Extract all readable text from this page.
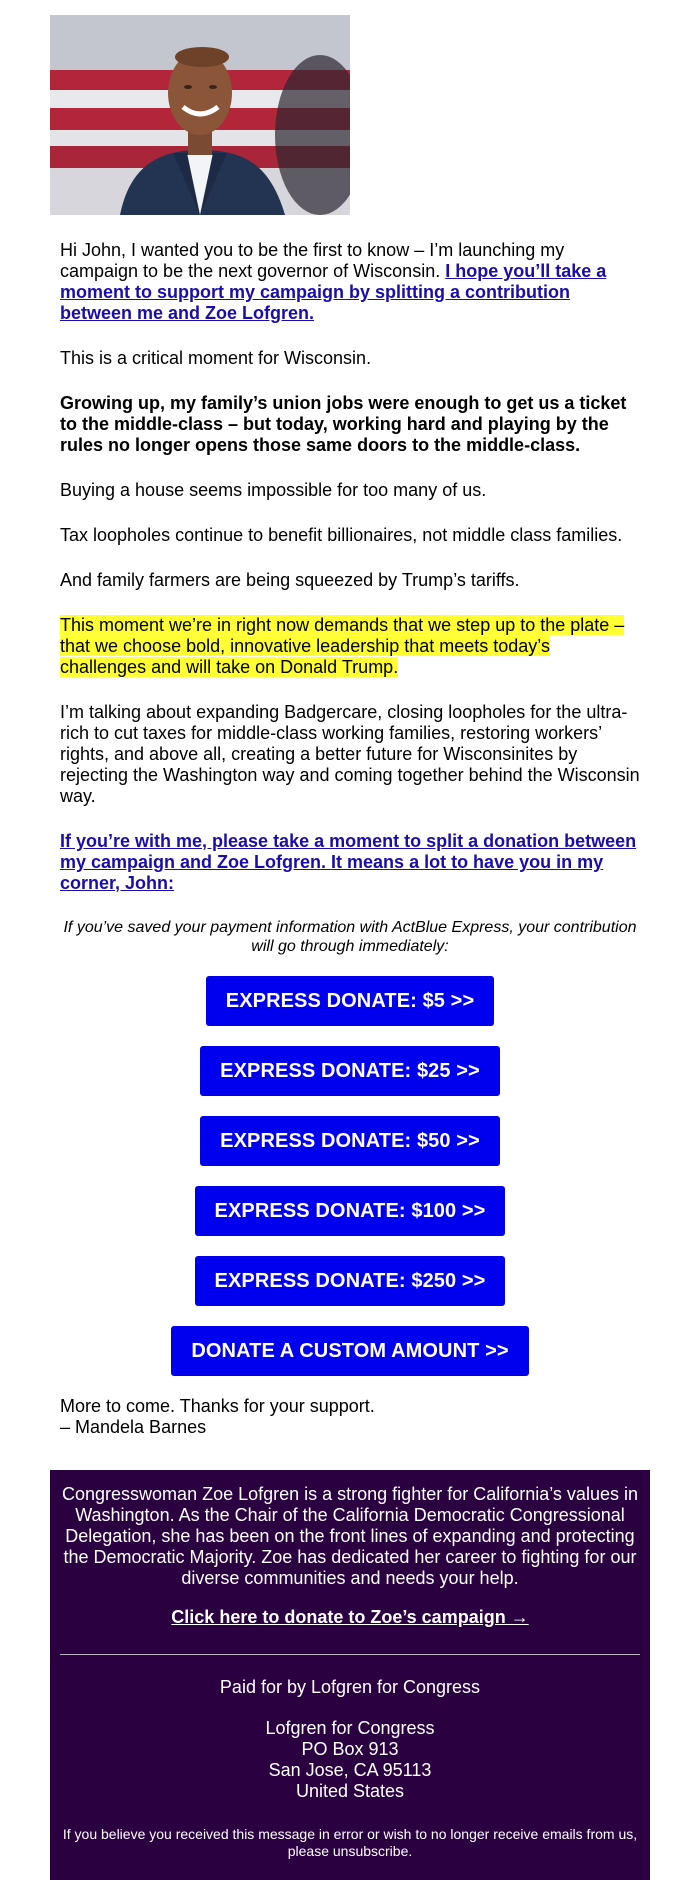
Hi John, I wanted you to be the first to know – I’m launching my campaign to be the next governor of Wisconsin. I hope you’ll take a moment to support my campaign by splitting a contribution between me and Zoe Lofgren.

This is a critical moment for Wisconsin.

Growing up, my family’s union jobs were enough to get us a ticket to the middle-class – but today, working hard and playing by the rules no longer opens those same doors to the middle-class.

Buying a house seems impossible for too many of us.

Tax loopholes continue to benefit billionaires, not middle class families.

And family farmers are being squeezed by Trump’s tariffs.

This moment we’re in right now demands that we step up to the plate – that we choose bold, innovative leadership that meets today’s challenges and will take on Donald Trump.

I’m talking about expanding Badgercare, closing loopholes for the ultra-rich to cut taxes for middle-class working families, restoring workers’ rights, and above all, creating a better future for Wisconsinites by rejecting the Washington way and coming together behind the Wisconsin way.

If you’re with me, please take a moment to split a donation between my campaign and Zoe Lofgren. It means a lot to have you in my corner, John:

If you’ve saved your payment information with ActBlue Express, your contribution will go through immediately:

EXPRESS DONATE: $5 >>
EXPRESS DONATE: $25 >>
EXPRESS DONATE: $50 >>
EXPRESS DONATE: $100 >>
EXPRESS DONATE: $250 >>
DONATE A CUSTOM AMOUNT >>
More to come. Thanks for your support.
– Mandela Barnes
Congresswoman Zoe Lofgren is a strong fighter for California’s values in Washington. As the Chair of the California Democratic Congressional Delegation, she has been on the front lines of expanding and protecting the Democratic Majority. Zoe has dedicated her career to fighting for our diverse communities and needs your help.
Click here to donate to Zoe’s campaign →
Paid for by Lofgren for Congress
Lofgren for Congress
PO Box 913
San Jose, CA 95113
United States
If you believe you received this message in error or wish to no longer receive emails from us, please unsubscribe.
